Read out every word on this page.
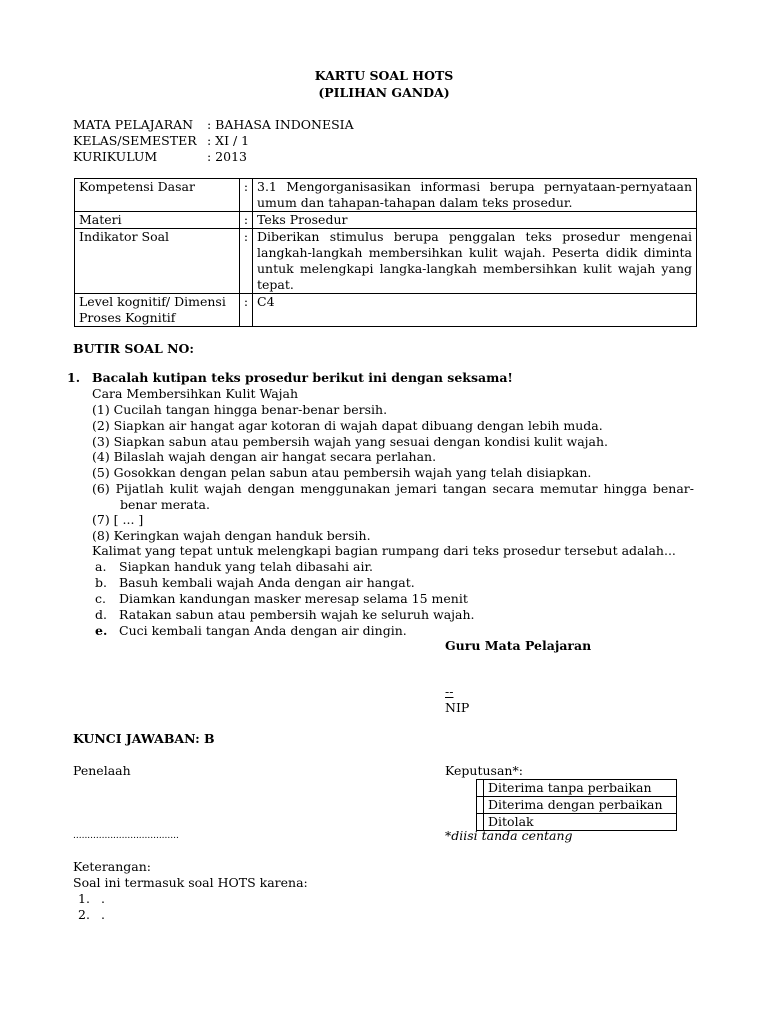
KARTU SOAL HOTS
(PILIHAN GANDA)
MATA PELAJARAN : BAHASA INDONESIA
KELAS/SEMESTER : XI / 1
KURIKULUM	: 2013
Kompetensi Dasar	:	3.1 Mengorganisasikan informasi berupa pernyataan-pernyataan umum dan tahapan-tahapan dalam teks prosedur.
Materi	:	Teks Prosedur
Indikator Soal	:	Diberikan stimulus berupa penggalan teks prosedur mengenai langkah-langkah membersihkan kulit wajah. Peserta didik diminta untuk melengkapi langka-langkah membersihkan kulit wajah yang tepat.
Level kognitif/ Dimensi Proses Kognitif	:	C4
BUTIR SOAL NO:
1. Bacalah kutipan teks prosedur berikut ini dengan seksama!
Cara Membersihkan Kulit Wajah
(1) Cucilah tangan hingga benar-benar bersih.
(2) Siapkan air hangat agar kotoran di wajah dapat dibuang dengan lebih muda.
(3) Siapkan sabun atau pembersih wajah yang sesuai dengan kondisi kulit wajah.
(4) Bilaslah wajah dengan air hangat secara perlahan.
(5) Gosokkan dengan pelan sabun atau pembersih wajah yang telah disiapkan.
(6) Pijatlah kulit wajah dengan menggunakan jemari tangan secara memutar hingga benar-benar merata.
(7) [ ... ]
(8) Keringkan wajah dengan handuk bersih.
Kalimat yang tepat untuk melengkapi bagian rumpang dari teks prosedur tersebut adalah...
a. Siapkan handuk yang telah dibasahi air.
b. Basuh kembali wajah Anda dengan air hangat.
c. Diamkan kandungan masker meresap selama 15 menit
d. Ratakan sabun atau pembersih wajah ke seluruh wajah.
e. Cuci kembali tangan Anda dengan air dingin.
Guru Mata Pelajaran
--
NIP
KUNCI JAWABAN: B
Penelaah
.....................................
Keputusan*:
	Diterima tanpa perbaikan
	Diterima dengan perbaikan
	Ditolak
*diisi tanda centang
Keterangan:
Soal ini termasuk soal HOTS karena:
1. .
2. .
